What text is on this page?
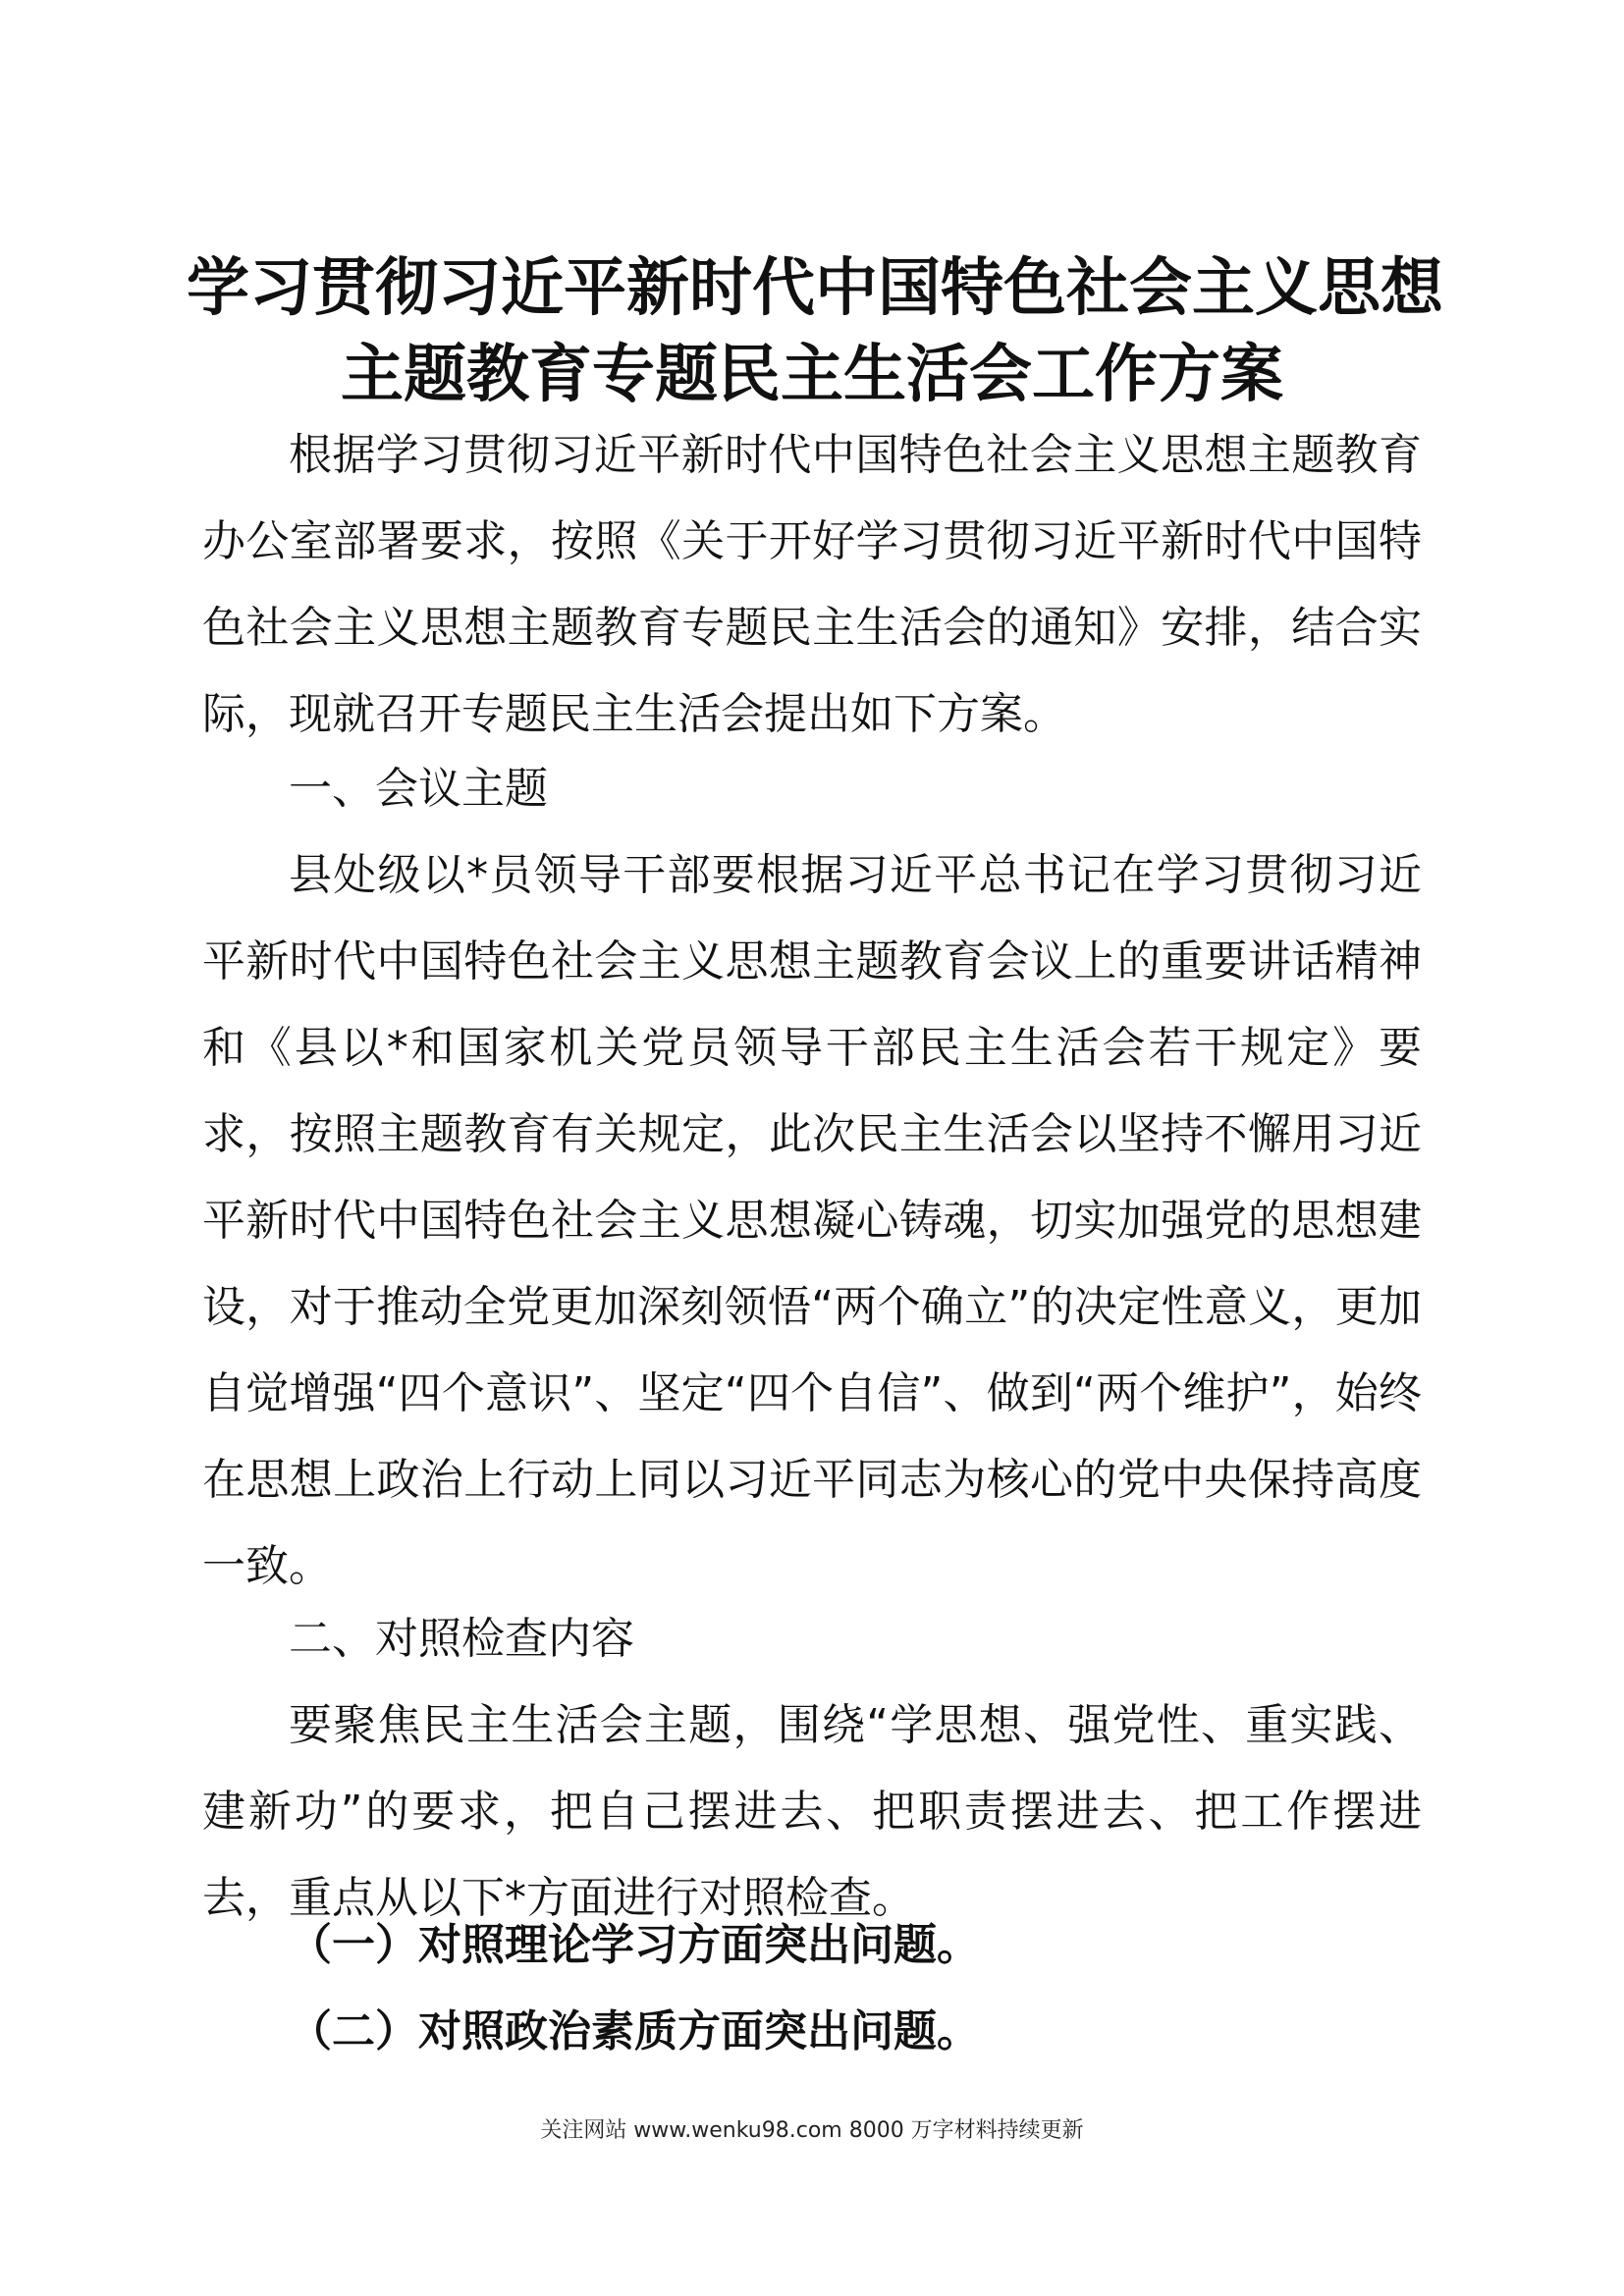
学习贯彻习近平新时代中国特色社会主义思想
主题教育专题民主生活会工作方案

根据学习贯彻习近平新时代中国特色社会主义思想主题教育办公室部署要求，按照《关于开好学习贯彻习近平新时代中国特色社会主义思想主题教育专题民主生活会的通知》安排，结合实际，现就召开专题民主生活会提出如下方案。

一、会议主题

县处级以*员领导干部要根据习近平总书记在学习贯彻习近平新时代中国特色社会主义思想主题教育会议上的重要讲话精神和《县以*和国家机关党员领导干部民主生活会若干规定》要求，按照主题教育有关规定，此次民主生活会以坚持不懈用习近平新时代中国特色社会主义思想凝心铸魂，切实加强党的思想建设，对于推动全党更加深刻领悟“两个确立”的决定性意义，更加自觉增强“四个意识”、坚定“四个自信”、做到“两个维护”，始终在思想上政治上行动上同以习近平同志为核心的党中央保持高度一致。

二、对照检查内容

要聚焦民主生活会主题，围绕“学思想、强党性、重实践、建新功”的要求，把自己摆进去、把职责摆进去、把工作摆进去，重点从以下*方面进行对照检查。

（一）对照理论学习方面突出问题。

（二）对照政治素质方面突出问题。

关注网站 www.wenku98.com 8000 万字材料持续更新
